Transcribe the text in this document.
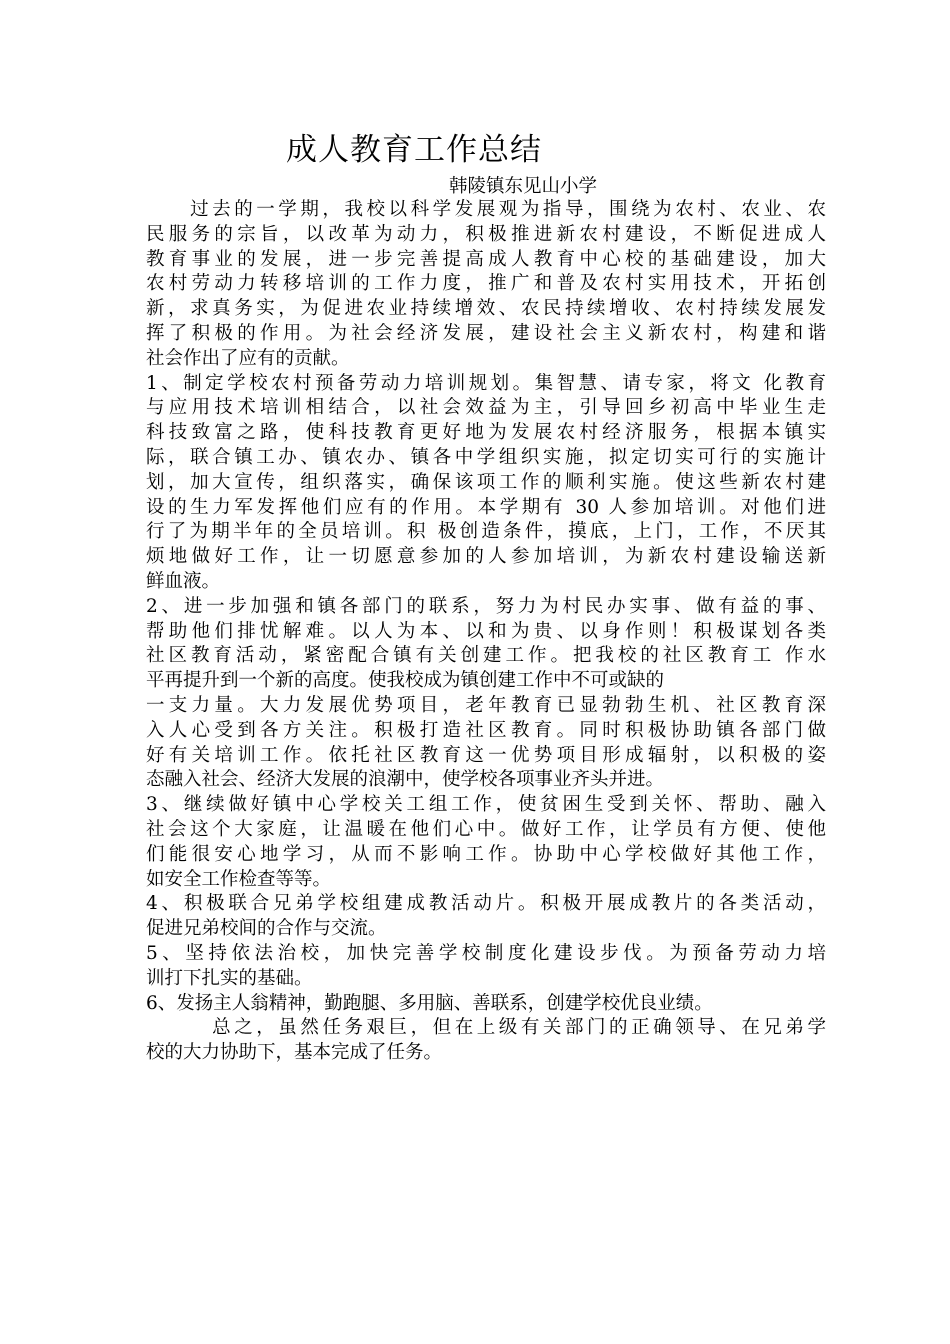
成人教育工作总结
韩陵镇东见山小学
　　过去的一学期，我校以科学发展观为指导，围绕为农村、农业、农
民服务的宗旨，以改革为动力，积极推进新农村建设，不断促进成人
教育事业的发展，进一步完善提高成人教育中心校的基础建设，加大
农村劳动力转移培训的工作力度，推广和普及农村实用技术，开拓创
新，求真务实，为促进农业持续增效、农民持续增收、农村持续发展发
挥了积极的作用。为社会经济发展，建设社会主义新农村，构建和谐
社会作出了应有的贡献。
1、制定学校农村预备劳动力培训规划。集智慧、请专家，将文 化教育
与应用技术培训相结合，以社会效益为主，引导回乡初高中毕业生走
科技致富之路，使科技教育更好地为发展农村经济服务，根据本镇实
际，联合镇工办、镇农办、镇各中学组织实施，拟定切实可行的实施计
划，加大宣传，组织落实，确保该项工作的顺利实施。使这些新农村建
设的生力军发挥他们应有的作用。本学期有 30 人参加培训。对他们进
行了为期半年的全员培训。积 极创造条件，摸底，上门，工作，不厌其
烦地做好工作，让一切愿意参加的人参加培训，为新农村建设输送新
鲜血液。
2、进一步加强和镇各部门的联系，努力为村民办实事、做有益的事、
帮助他们排忧解难。以人为本、以和为贵、以身作则！积极谋划各类
社区教育活动，紧密配合镇有关创建工作。把我校的社区教育工 作水
平再提升到一个新的高度。使我校成为镇创建工作中不可或缺的
一支力量。大力发展优势项目，老年教育已显勃勃生机、社区教育深
入人心受到各方关注。积极打造社区教育。同时积极协助镇各部门做
好有关培训工作。依托社区教育这一优势项目形成辐射，以积极的姿
态融入社会、经济大发展的浪潮中，使学校各项事业齐头并进。
3、继续做好镇中心学校关工组工作，使贫困生受到关怀、帮助、融入
社会这个大家庭，让温暖在他们心中。做好工作，让学员有方便、使他
们能很安心地学习，从而不影响工作。协助中心学校做好其他工作，
如安全工作检查等等。
4、积极联合兄弟学校组建成教活动片。积极开展成教片的各类活动，
促进兄弟校间的合作与交流。
5、坚持依法治校，加快完善学校制度化建设步伐。为预备劳动力培
训打下扎实的基础。
6、发扬主人翁精神，勤跑腿、多用脑、善联系，创建学校优良业绩。
　　　总之，虽然任务艰巨，但在上级有关部门的正确领导、在兄弟学
校的大力协助下，基本完成了任务。
